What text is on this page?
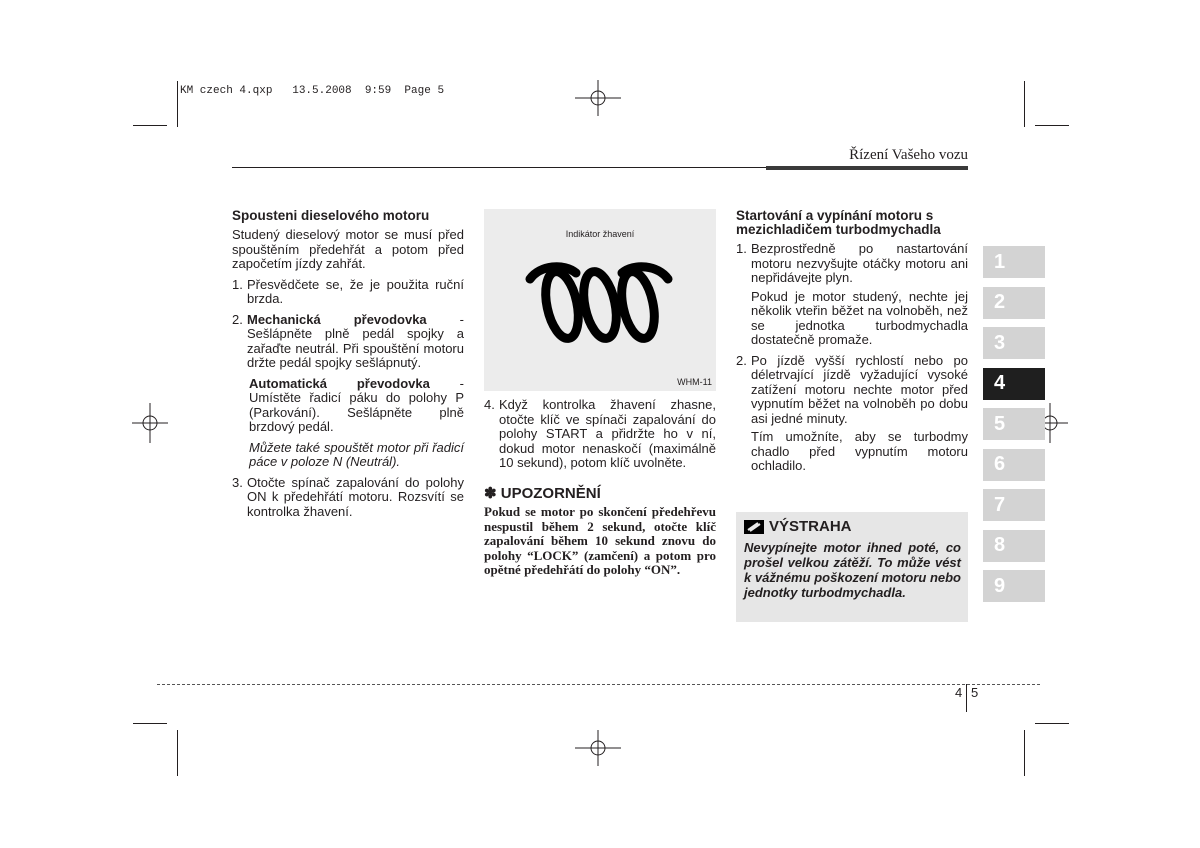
KM czech 4.qxp   13.5.2008  9:59  Page 5
Řízení Vašeho vozu
Spousteni dieselového motoru

Studený dieselový motor se musí před spouštěním předehřát a potom před započetím jízdy zahřát.

1. Přesvědčete se, že je použita ruční brzda.
2. Mechanická převodovka - Sešlápněte plně pedál spojky a zařaďte neutrál. Při spouštění motoru držte pedál spojky sešlápnutý.

Automatická převodovka - Umístěte řadicí páku do polohy P (Parkování). Sešlápněte plně brzdový pedál.

Můžete také spouštět motor při řadicí páce v poloze N (Neutrál).

3. Otočte spínač zapalování do polohy ON k předehřátí motoru. Rozsvítí se kontrolka žhavení.
Indikátor žhavení
WHM-11
4. Když kontrolka žhavení zhasne, otočte klíč ve spínači zapalování do polohy START a přidržte ho v ní, dokud motor nenaskočí (maximálně 10 sekund), potom klíč uvolněte.
✽ UPOZORNĚNÍ
Pokud se motor po skončení předehřevu nespustil během 2 sekund, otočte klíč zapalování během 10 sekund znovu do polohy “LOCK” (zamčení) a potom pro opětné předehřátí do polohy “ON”.
Startování a vypínání motoru s mezichladičem turbodmychadla
1. Bezprostředně po nastartování motoru nezvyšujte otáčky motoru ani nepřidávejte plyn.

Pokud je motor studený, nechte jej několik vteřin běžet na volnoběh, než se jednotka turbodmychadla dostatečně promaže.

2. Po jízdě vyšší rychlostí nebo po déletrvající jízdě vyžadující vysoké zatížení motoru nechte motor před vypnutím běžet na volnoběh po dobu asi jedné minuty.

Tím umožníte, aby se turbodmy chadlo před vypnutím motoru ochladilo.

VÝSTRAHA
Nevypínejte motor ihned poté, co prošel velkou zátěží. To může vést k vážnému poškození motoru nebo jednotky turbodmychadla.
1
2
3
4
5
6
7
8
9
4 5
